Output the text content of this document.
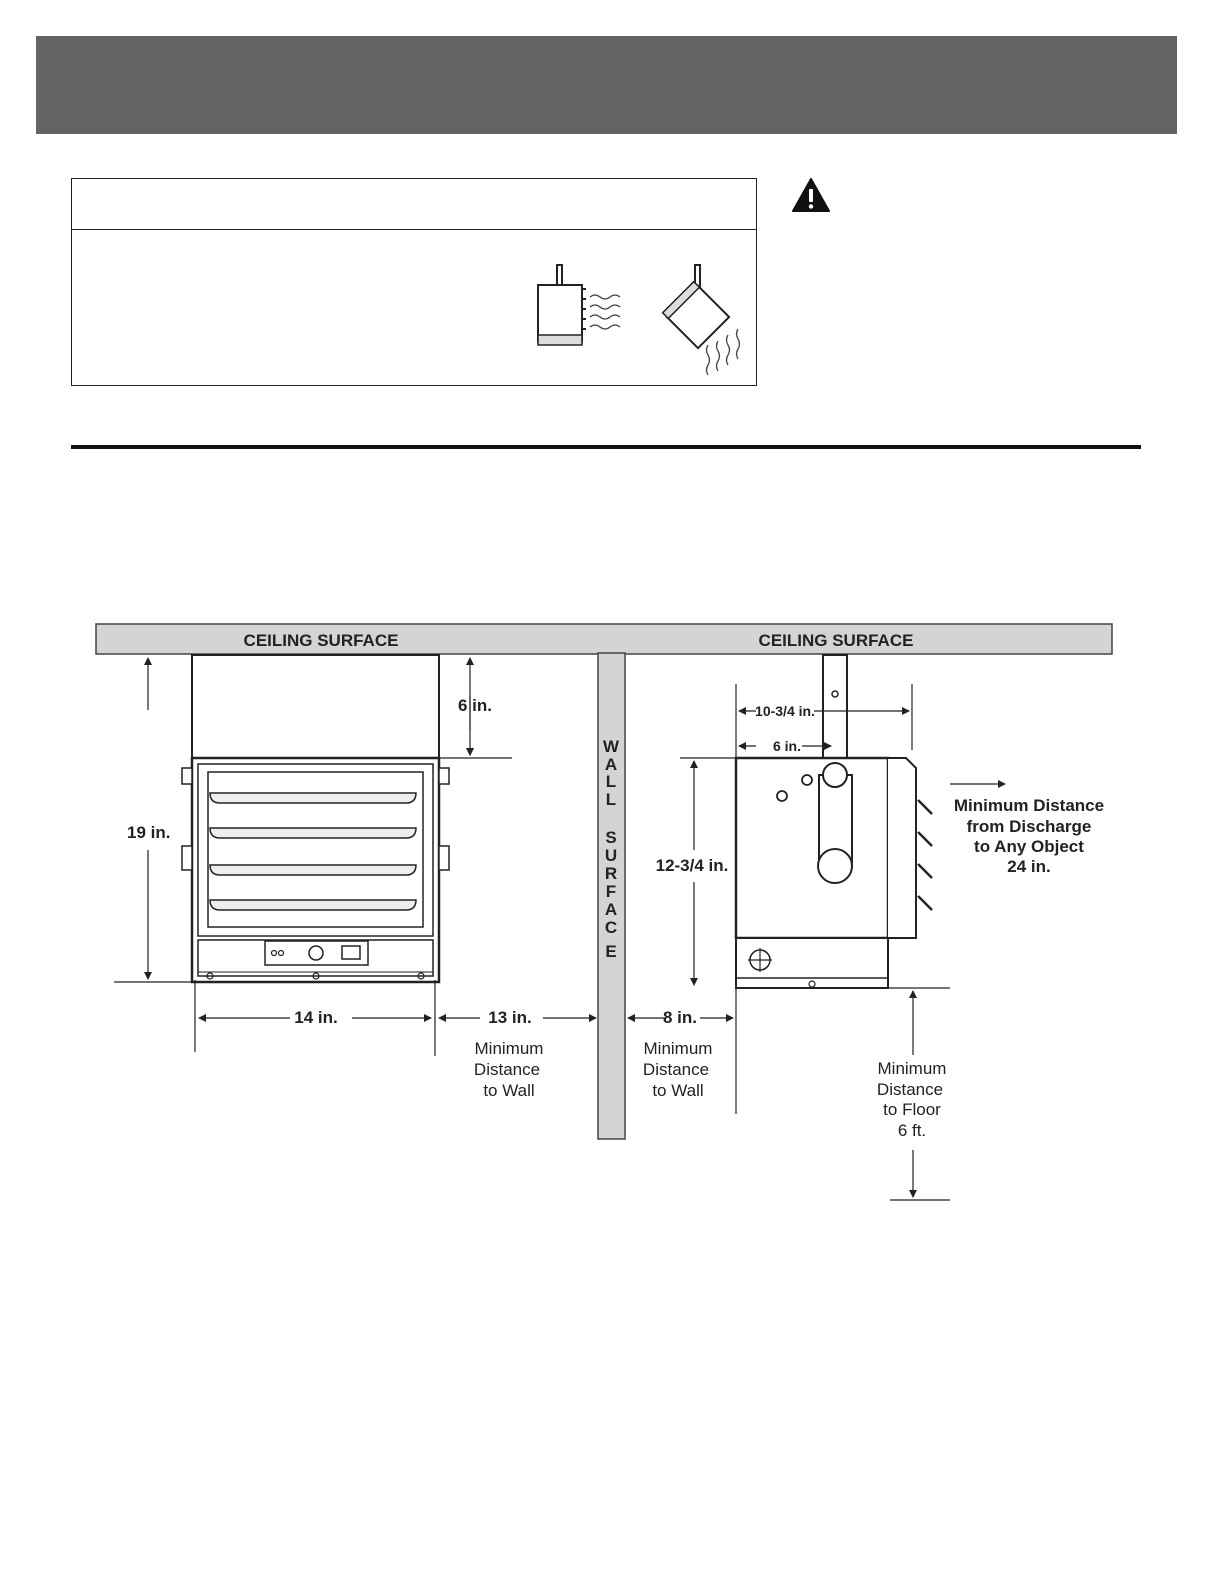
CEILING SURFACE	CEILING SURFACE
W
A
L
L
S
U
R
F
A
C
E
6 in.
19 in.
14 in.	13 in.
Minimum
Distance
to Wall
10-3/4 in.
6 in.
12-3/4 in.
8 in.
Minimum
Distance
to Wall
Minimum Distance
from Discharge
to Any Object
24 in.
Minimum
Distance
to Floor
6 ft.
